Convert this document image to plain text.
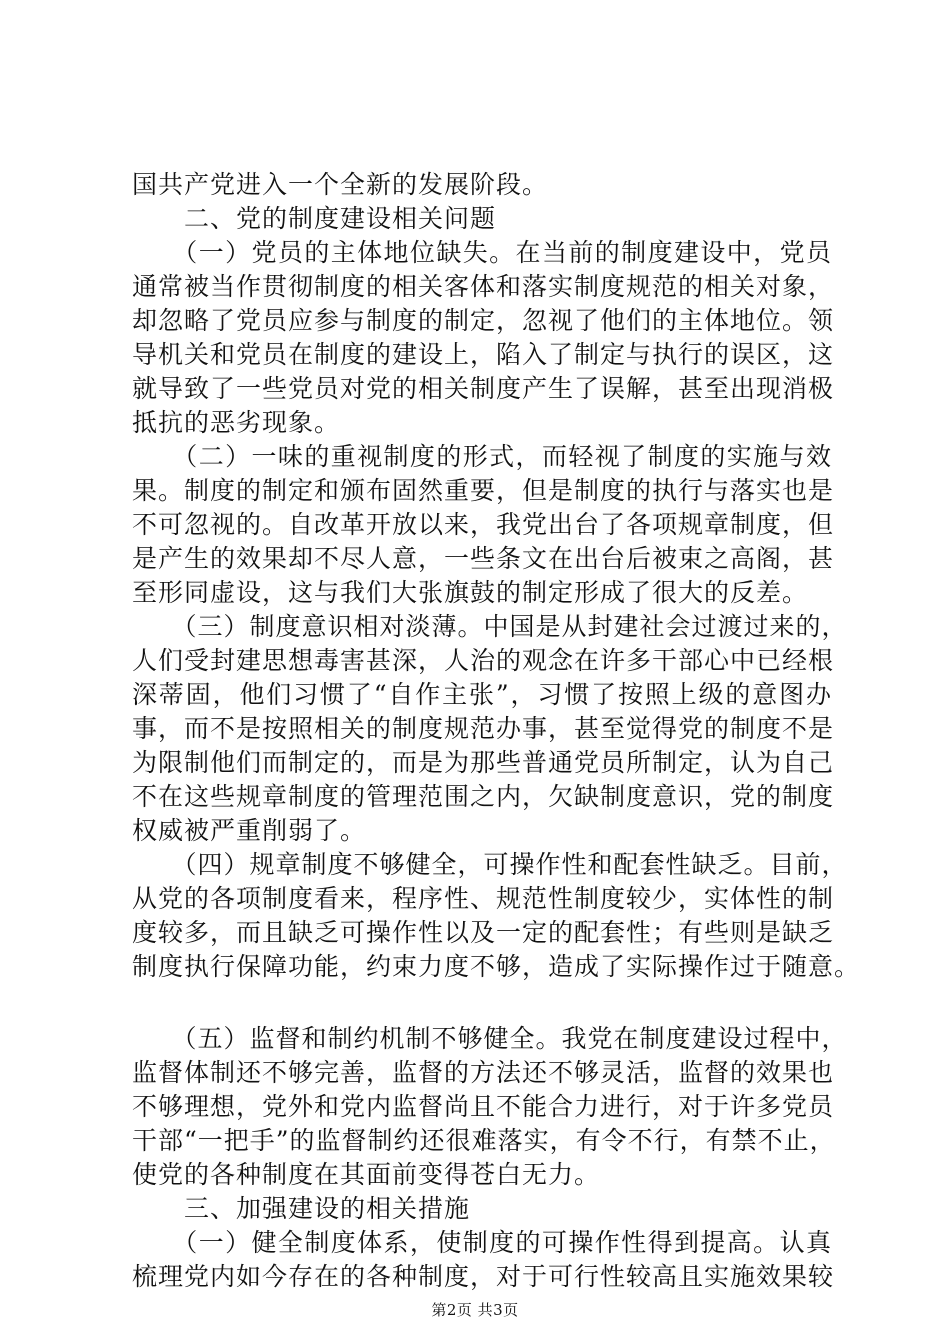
国共产党进入一个全新的发展阶段。
　　二、党的制度建设相关问题
　　（一）党员的主体地位缺失。在当前的制度建设中，党员
通常被当作贯彻制度的相关客体和落实制度规范的相关对象，
却忽略了党员应参与制度的制定，忽视了他们的主体地位。领
导机关和党员在制度的建设上，陷入了制定与执行的误区，这
就导致了一些党员对党的相关制度产生了误解，甚至出现消极
抵抗的恶劣现象。
　　（二）一味的重视制度的形式，而轻视了制度的实施与效
果。制度的制定和颁布固然重要，但是制度的执行与落实也是
不可忽视的。自改革开放以来，我党出台了各项规章制度，但
是产生的效果却不尽人意，一些条文在出台后被束之高阁，甚
至形同虚设，这与我们大张旗鼓的制定形成了很大的反差。
　　（三）制度意识相对淡薄。中国是从封建社会过渡过来的，
人们受封建思想毒害甚深，人治的观念在许多干部心中已经根
深蒂固，他们习惯了“自作主张”，习惯了按照上级的意图办
事，而不是按照相关的制度规范办事，甚至觉得党的制度不是
为限制他们而制定的，而是为那些普通党员所制定，认为自己
不在这些规章制度的管理范围之内，欠缺制度意识，党的制度
权威被严重削弱了。
　　（四）规章制度不够健全，可操作性和配套性缺乏。目前，
从党的各项制度看来，程序性、规范性制度较少，实体性的制
度较多，而且缺乏可操作性以及一定的配套性；有些则是缺乏
制度执行保障功能，约束力度不够，造成了实际操作过于随意。
　　（五）监督和制约机制不够健全。我党在制度建设过程中，
监督体制还不够完善，监督的方法还不够灵活，监督的效果也
不够理想，党外和党内监督尚且不能合力进行，对于许多党员
干部“一把手”的监督制约还很难落实，有令不行，有禁不止，
使党的各种制度在其面前变得苍白无力。
　　三、加强建设的相关措施
　　（一）健全制度体系，使制度的可操作性得到提高。认真
梳理党内如今存在的各种制度，对于可行性较高且实施效果较
第2页 共3页
